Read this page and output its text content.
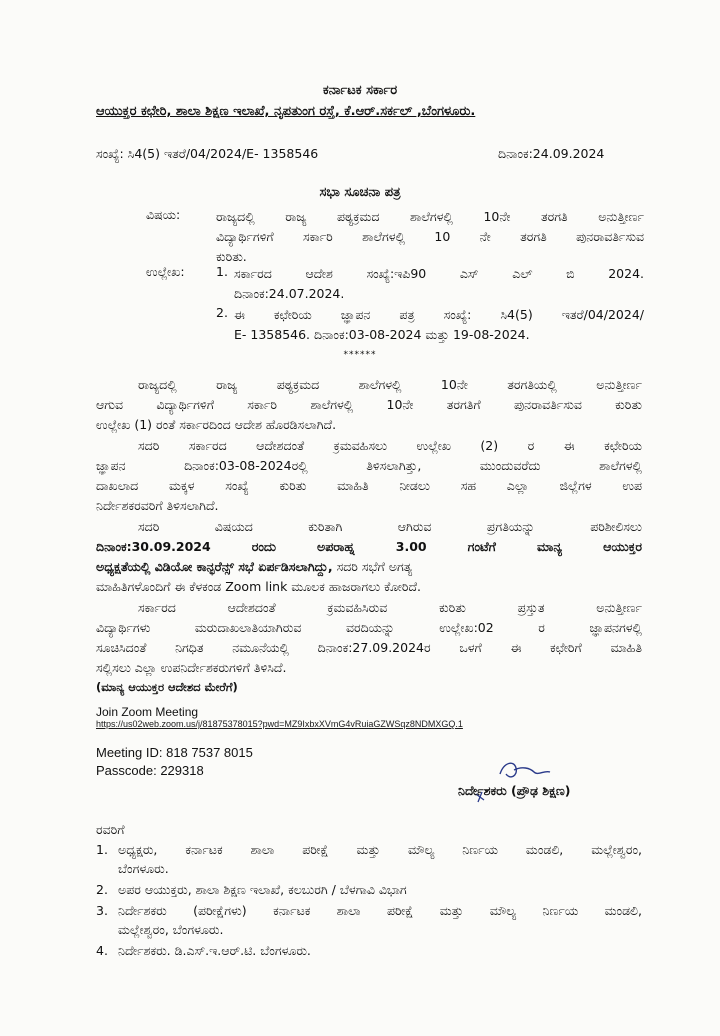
ಕರ್ನಾಟಕ ಸರ್ಕಾರ
ಆಯುಕ್ತರ ಕಛೇರಿ, ಶಾಲಾ ಶಿಕ್ಷಣ ಇಲಾಖೆ, ನೃಪತುಂಗ ರಸ್ತೆ, ಕೆ.ಆರ್.ಸರ್ಕಲ್ ,ಬೆಂಗಳೂರು.
ಸಂಖ್ಯೆ: ಸಿ4(5) ಇತರೆ/04/2024/E- 1358546	ದಿನಾಂಕ:24.09.2024
ಸಭಾ ಸೂಚನಾ ಪತ್ರ
ವಿಷಯ:	ರಾಜ್ಯದಲ್ಲಿ ರಾಜ್ಯ ಪಠ್ಯಕ್ರಮದ ಶಾಲೆಗಳಲ್ಲಿ 10ನೇ ತರಗತಿ ಅನುತ್ತೀರ್ಣ
ವಿದ್ಯಾರ್ಥಿಗಳಿಗೆ ಸರ್ಕಾರಿ ಶಾಲೆಗಳಲ್ಲಿ 10 ನೇ ತರಗತಿ ಪುನರಾವರ್ತಿಸುವ
ಕುರಿತು.
ಉಲ್ಲೇಖ:	1. ಸರ್ಕಾರದ ಆದೇಶ ಸಂಖ್ಯೆ:ಇಪಿ90 ಎಸ್ ಎಲ್ ಬಿ 2024.
ದಿನಾಂಕ:24.07.2024.
2. ಈ ಕಛೇರಿಯ ಜ್ಞಾಪನ ಪತ್ರ ಸಂಖ್ಯೆ: ಸಿ4(5) ಇತರೆ/04/2024/
E- 1358546. ದಿನಾಂಕ:03-08-2024 ಮತ್ತು 19-08-2024.
******
ರಾಜ್ಯದಲ್ಲಿ ರಾಜ್ಯ ಪಠ್ಯಕ್ರಮದ ಶಾಲೆಗಳಲ್ಲಿ 10ನೇ ತರಗತಿಯಲ್ಲಿ ಅನುತ್ತೀರ್ಣ
ಆಗುವ ವಿದ್ಯಾರ್ಥಿಗಳಿಗೆ ಸರ್ಕಾರಿ ಶಾಲೆಗಳಲ್ಲಿ 10ನೇ ತರಗತಿಗೆ ಪುನರಾವರ್ತಿಸುವ ಕುರಿತು
ಉಲ್ಲೇಖ (1) ರಂತೆ ಸರ್ಕಾರದಿಂದ ಆದೇಶ ಹೊರಡಿಸಲಾಗಿದೆ.
ಸದರಿ ಸರ್ಕಾರದ ಆದೇಶದಂತೆ ಕ್ರಮವಹಿಸಲು ಉಲ್ಲೇಖ (2) ರ ಈ ಕಛೇರಿಯ
ಜ್ಞಾಪನ ದಿನಾಂಕ:03-08-2024ರಲ್ಲಿ ತಿಳಿಸಲಾಗಿತ್ತು, ಮುಂದುವರೆದು ಶಾಲೆಗಳಲ್ಲಿ
ದಾಖಲಾದ ಮಕ್ಕಳ ಸಂಖ್ಯೆ ಕುರಿತು ಮಾಹಿತಿ ನೀಡಲು ಸಹ ಎಲ್ಲಾ ಜಿಲ್ಲೆಗಳ ಉಪ
ನಿರ್ದೇಶಕರವರಿಗೆ ತಿಳಿಸಲಾಗಿದೆ.
ಸದರಿ ವಿಷಯದ ಕುರಿತಾಗಿ ಆಗಿರುವ ಪ್ರಗತಿಯನ್ನು ಪರಿಶೀಲಿಸಲು
ದಿನಾಂಕ:30.09.2024 ರಂದು ಅಪರಾಹ್ನ 3.00 ಗಂಟೆಗೆ ಮಾನ್ಯ ಆಯುಕ್ತರ
ಅಧ್ಯಕ್ಷತೆಯಲ್ಲಿ ವಿಡಿಯೋ ಕಾನ್ಫರೆನ್ಸ್ ಸಭೆ ಏರ್ಪಡಿಸಲಾಗಿದ್ದು, ಸದರಿ ಸಭೆಗೆ ಅಗತ್ಯ
ಮಾಹಿತಿಗಳೊಂದಿಗೆ ಈ ಕೆಳಕಂಡ Zoom link ಮೂಲಕ ಹಾಜರಾಗಲು ಕೋರಿದೆ.
ಸರ್ಕಾರದ ಆದೇಶದಂತೆ ಕ್ರಮವಹಿಸಿರುವ ಕುರಿತು ಪ್ರಸ್ತುತ ಅನುತ್ತೀರ್ಣ
ವಿದ್ಯಾರ್ಥಿಗಳು ಮರುದಾಖಲಾತಿಯಾಗಿರುವ ವರದಿಯನ್ನು ಉಲ್ಲೇಖ:02 ರ ಜ್ಞಾಪನಗಳಲ್ಲಿ
ಸೂಚಿಸಿದಂತೆ ನಿಗಧಿತ ನಮೂನೆಯಲ್ಲಿ ದಿನಾಂಕ:27.09.2024ರ ಒಳಗೆ ಈ ಕಛೇರಿಗೆ ಮಾಹಿತಿ
ಸಲ್ಲಿಸಲು ಎಲ್ಲಾ ಉಪನಿರ್ದೇಶಕರುಗಳಿಗೆ ತಿಳಿಸಿದೆ.
(ಮಾನ್ಯ ಆಯುಕ್ತರ ಆದೇಶದ ಮೇರೆಗೆ)
Join Zoom Meeting
https://us02web.zoom.us/j/81875378015?pwd=MZ9IxbxXVmG4vRuiaGZWSqz8NDMXGQ.1
Meeting ID: 818 7537 8015
Passcode: 229318
ನಿರ್ದೇಶಕರು (ಪ್ರೌಢ ಶಿಕ್ಷಣ)
ರವರಿಗೆ
1. ಅಧ್ಯಕ್ಷರು, ಕರ್ನಾಟಕ ಶಾಲಾ ಪರೀಕ್ಷೆ ಮತ್ತು ಮೌಲ್ಯ ನಿರ್ಣಯ ಮಂಡಲಿ, ಮಲ್ಲೇಶ್ವರಂ,
ಬೆಂಗಳೂರು.
2. ಅಪರ ಆಯುಕ್ತರು, ಶಾಲಾ ಶಿಕ್ಷಣ ಇಲಾಖೆ, ಕಲಬುರಗಿ / ಬೆಳಗಾವಿ ವಿಭಾಗ
3. ನಿರ್ದೇಶಕರು (ಪರೀಕ್ಷೆಗಳು) ಕರ್ನಾಟಕ ಶಾಲಾ ಪರೀಕ್ಷೆ ಮತ್ತು ಮೌಲ್ಯ ನಿರ್ಣಯ ಮಂಡಲಿ,
ಮಲ್ಲೇಶ್ವರಂ, ಬೆಂಗಳೂರು.
4. ನಿರ್ದೇಶಕರು. ಡಿ.ಎಸ್.ಇ.ಆರ್.ಟಿ. ಬೆಂಗಳೂರು.
